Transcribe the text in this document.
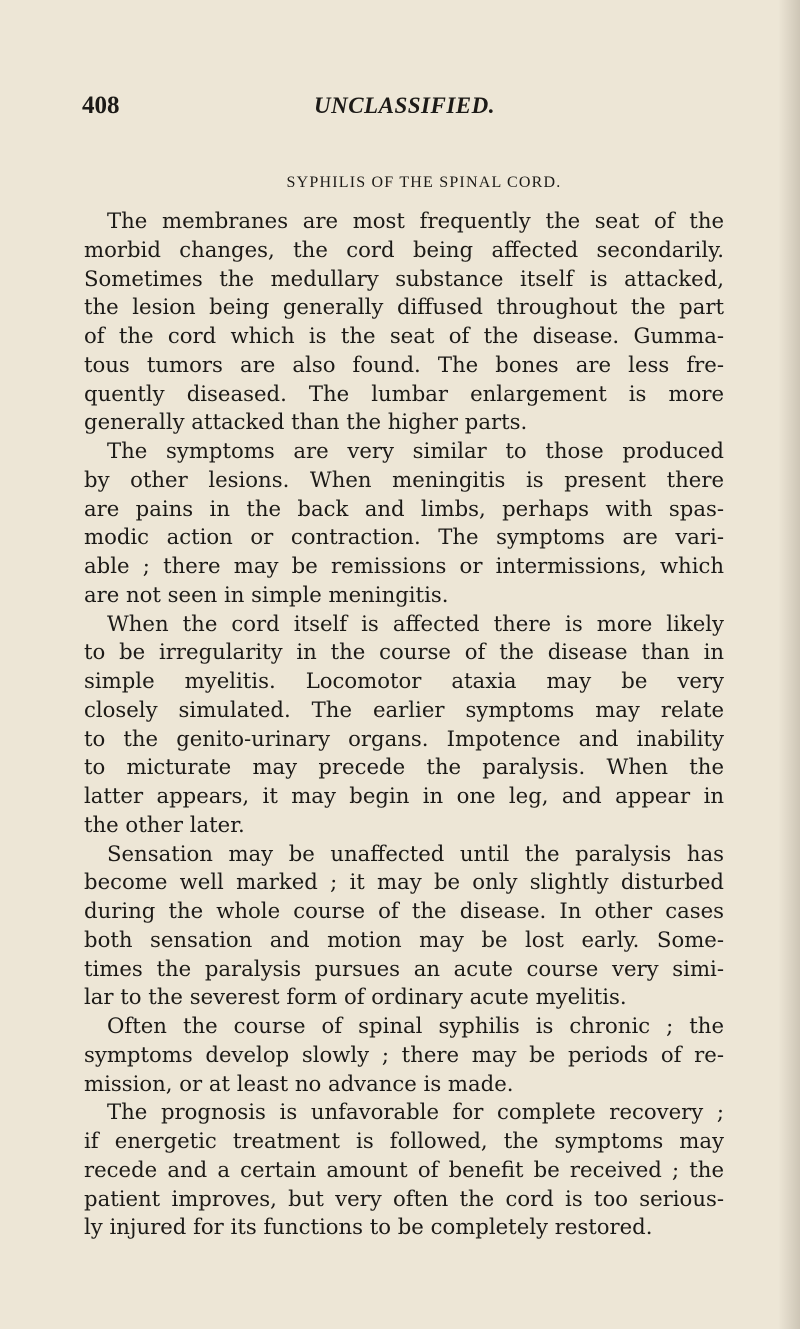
408	UNCLASSIFIED.
SYPHILIS OF THE SPINAL CORD.
The membranes are most frequently the seat of the
morbid changes, the cord being affected secondarily.
Sometimes the medullary substance itself is attacked,
the lesion being generally diffused throughout the part
of the cord which is the seat of the disease. Gumma-
tous tumors are also found. The bones are less fre-
quently diseased. The lumbar enlargement is more
generally attacked than the higher parts.
The symptoms are very similar to those produced
by other lesions. When meningitis is present there
are pains in the back and limbs, perhaps with spas-
modic action or contraction. The symptoms are vari-
able ; there may be remissions or intermissions, which
are not seen in simple meningitis.
When the cord itself is affected there is more likely
to be irregularity in the course of the disease than in
simple myelitis. Locomotor ataxia may be very
closely simulated. The earlier symptoms may relate
to the genito-urinary organs. Impotence and inability
to micturate may precede the paralysis. When the
latter appears, it may begin in one leg, and appear in
the other later.
Sensation may be unaffected until the paralysis has
become well marked ; it may be only slightly disturbed
during the whole course of the disease. In other cases
both sensation and motion may be lost early. Some-
times the paralysis pursues an acute course very simi-
lar to the severest form of ordinary acute myelitis.
Often the course of spinal syphilis is chronic ; the
symptoms develop slowly ; there may be periods of re-
mission, or at least no advance is made.
The prognosis is unfavorable for complete recovery ;
if energetic treatment is followed, the symptoms may
recede and a certain amount of benefit be received ; the
patient improves, but very often the cord is too serious-
ly injured for its functions to be completely restored.
